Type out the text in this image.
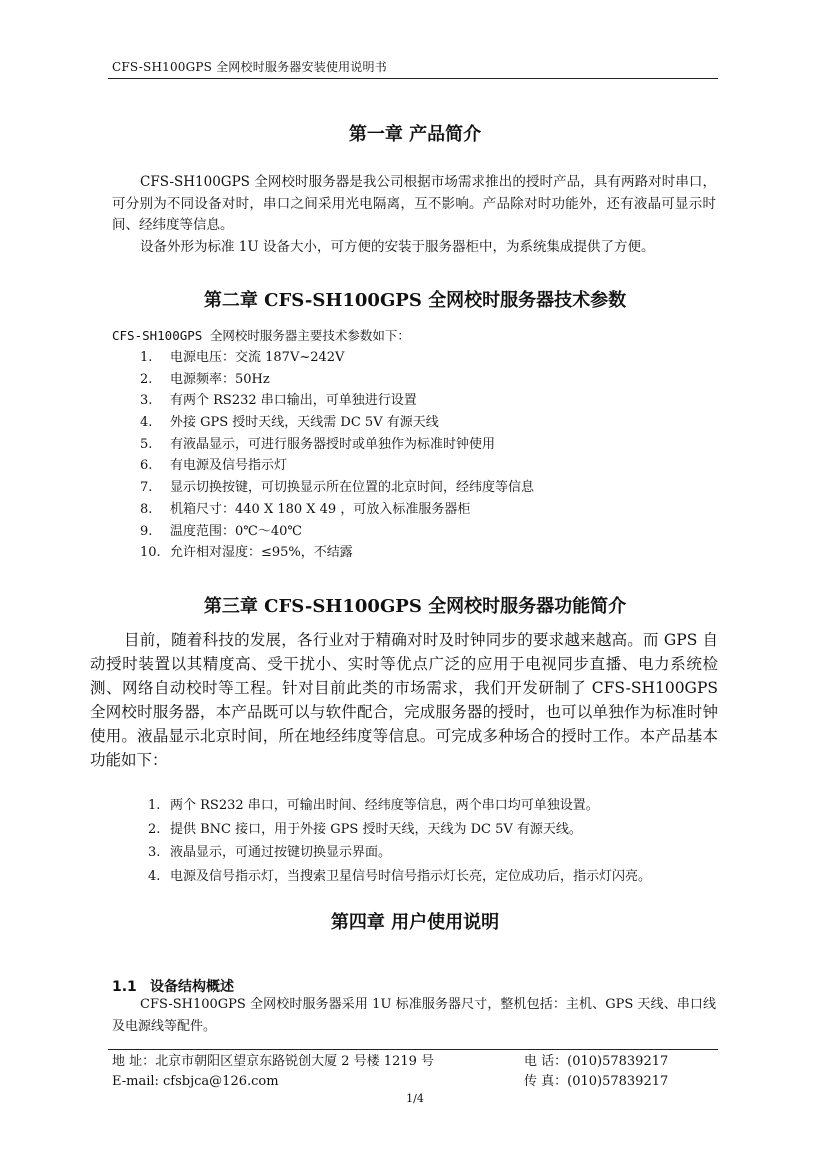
CFS-SH100GPS 全网校时服务器安装使用说明书
第一章 产品简介

CFS-SH100GPS 全网校时服务器是我公司根据市场需求推出的授时产品，具有两路对时串口，可分别为不同设备对时，串口之间采用光电隔离，互不影响。产品除对时功能外，还有液晶可显示时间、经纬度等信息。

设备外形为标准 1U 设备大小，可方便的安装于服务器柜中，为系统集成提供了方便。

第二章 CFS-SH100GPS 全网校时服务器技术参数
CFS-SH100GPS 全网校时服务器主要技术参数如下：
1.	电源电压：交流 187V~242V
2.	电源频率：50Hz
3.	有两个 RS232 串口输出，可单独进行设置
4.	外接 GPS 授时天线，天线需 DC 5V 有源天线
5.	有液晶显示，可进行服务器授时或单独作为标准时钟使用
6.	有电源及信号指示灯
7.	显示切换按键，可切换显示所在位置的北京时间，经纬度等信息
8.	机箱尺寸：440 X 180 X 49 ，可放入标准服务器柜
9.	温度范围：0℃～40℃
10. 允许相对湿度：≤95%，不结露
第三章 CFS-SH100GPS 全网校时服务器功能简介

目前，随着科技的发展，各行业对于精确对时及时钟同步的要求越来越高。而 GPS 自动授时装置以其精度高、受干扰小、实时等优点广泛的应用于电视同步直播、电力系统检测、网络自动校时等工程。针对目前此类的市场需求，我们开发研制了 CFS-SH100GPS 全网校时服务器，本产品既可以与软件配合，完成服务器的授时，也可以单独作为标准时钟使用。液晶显示北京时间，所在地经纬度等信息。可完成多种场合的授时工作。本产品基本功能如下：

1. 两个 RS232 串口，可输出时间、经纬度等信息，两个串口均可单独设置。
2. 提供 BNC 接口，用于外接 GPS 授时天线，天线为 DC 5V 有源天线。
3. 液晶显示，可通过按键切换显示界面。
4. 电源及信号指示灯，当搜索卫星信号时信号指示灯长亮，定位成功后，指示灯闪亮。
第四章 用户使用说明
1.1 设备结构概述

CFS-SH100GPS 全网校时服务器采用 1U 标准服务器尺寸，整机包括：主机、GPS 天线、串口线及电源线等配件。

地 址：北京市朝阳区望京东路锐创大厦 2 号楼 1219 号
E-mail: cfsbjca@126.com
电 话：(010)57839217
传 真：(010)57839217
1/4
